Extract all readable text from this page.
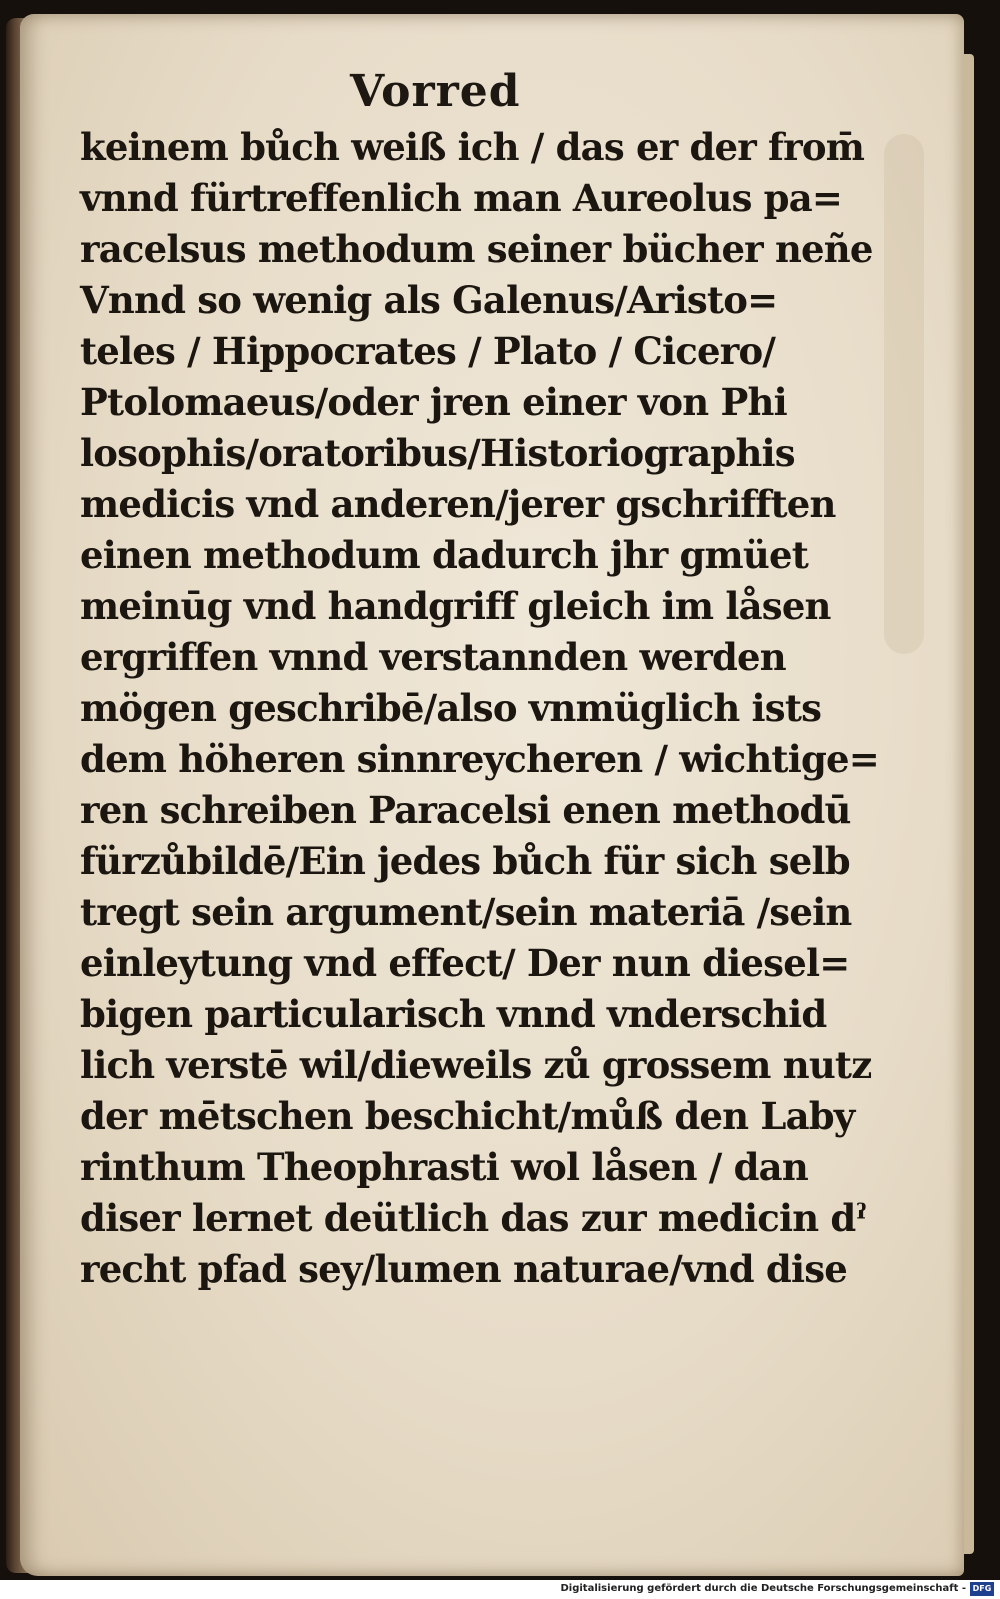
Vorred
keinem bůch weiß ich / das er der from̄
vnnd fürtreffenlich man Aureolus pa=
racelsus methodum seiner bücher neñe
Vnnd so wenig als Galenus/Aristo=
teles / Hippocrates / Plato / Cicero/
Ptolomaeus/oder jren einer von Phi
losophis/oratoribus/Historiographis
medicis vnd anderen/jerer gschrifften
einen methodum dadurch jhr gmüet
meinūg vnd handgriff gleich im låsen
ergriffen vnnd verstannden werden
mögen geschribē/also vnmüglich ists
dem höheren sinnreycheren / wichtige=
ren schreiben Paracelsi enen methodū
fürzůbildē/Ein jedes bůch für sich selb
tregt sein argument/sein materiā /sein
einleytung vnd effect/ Der nun diesel=
bigen particularisch vnnd vnderschid
lich verstē wil/dieweils zů grossem nutz
der mētschen beschicht/můß den Laby
rinthum Theophrasti wol låsen / dan
diser lernet deütlich das zur medicin dˀ
recht pfad sey/lumen naturae/vnd dise
Digitalisierung gefördert durch die Deutsche Forschungsgemeinschaft - DFG
